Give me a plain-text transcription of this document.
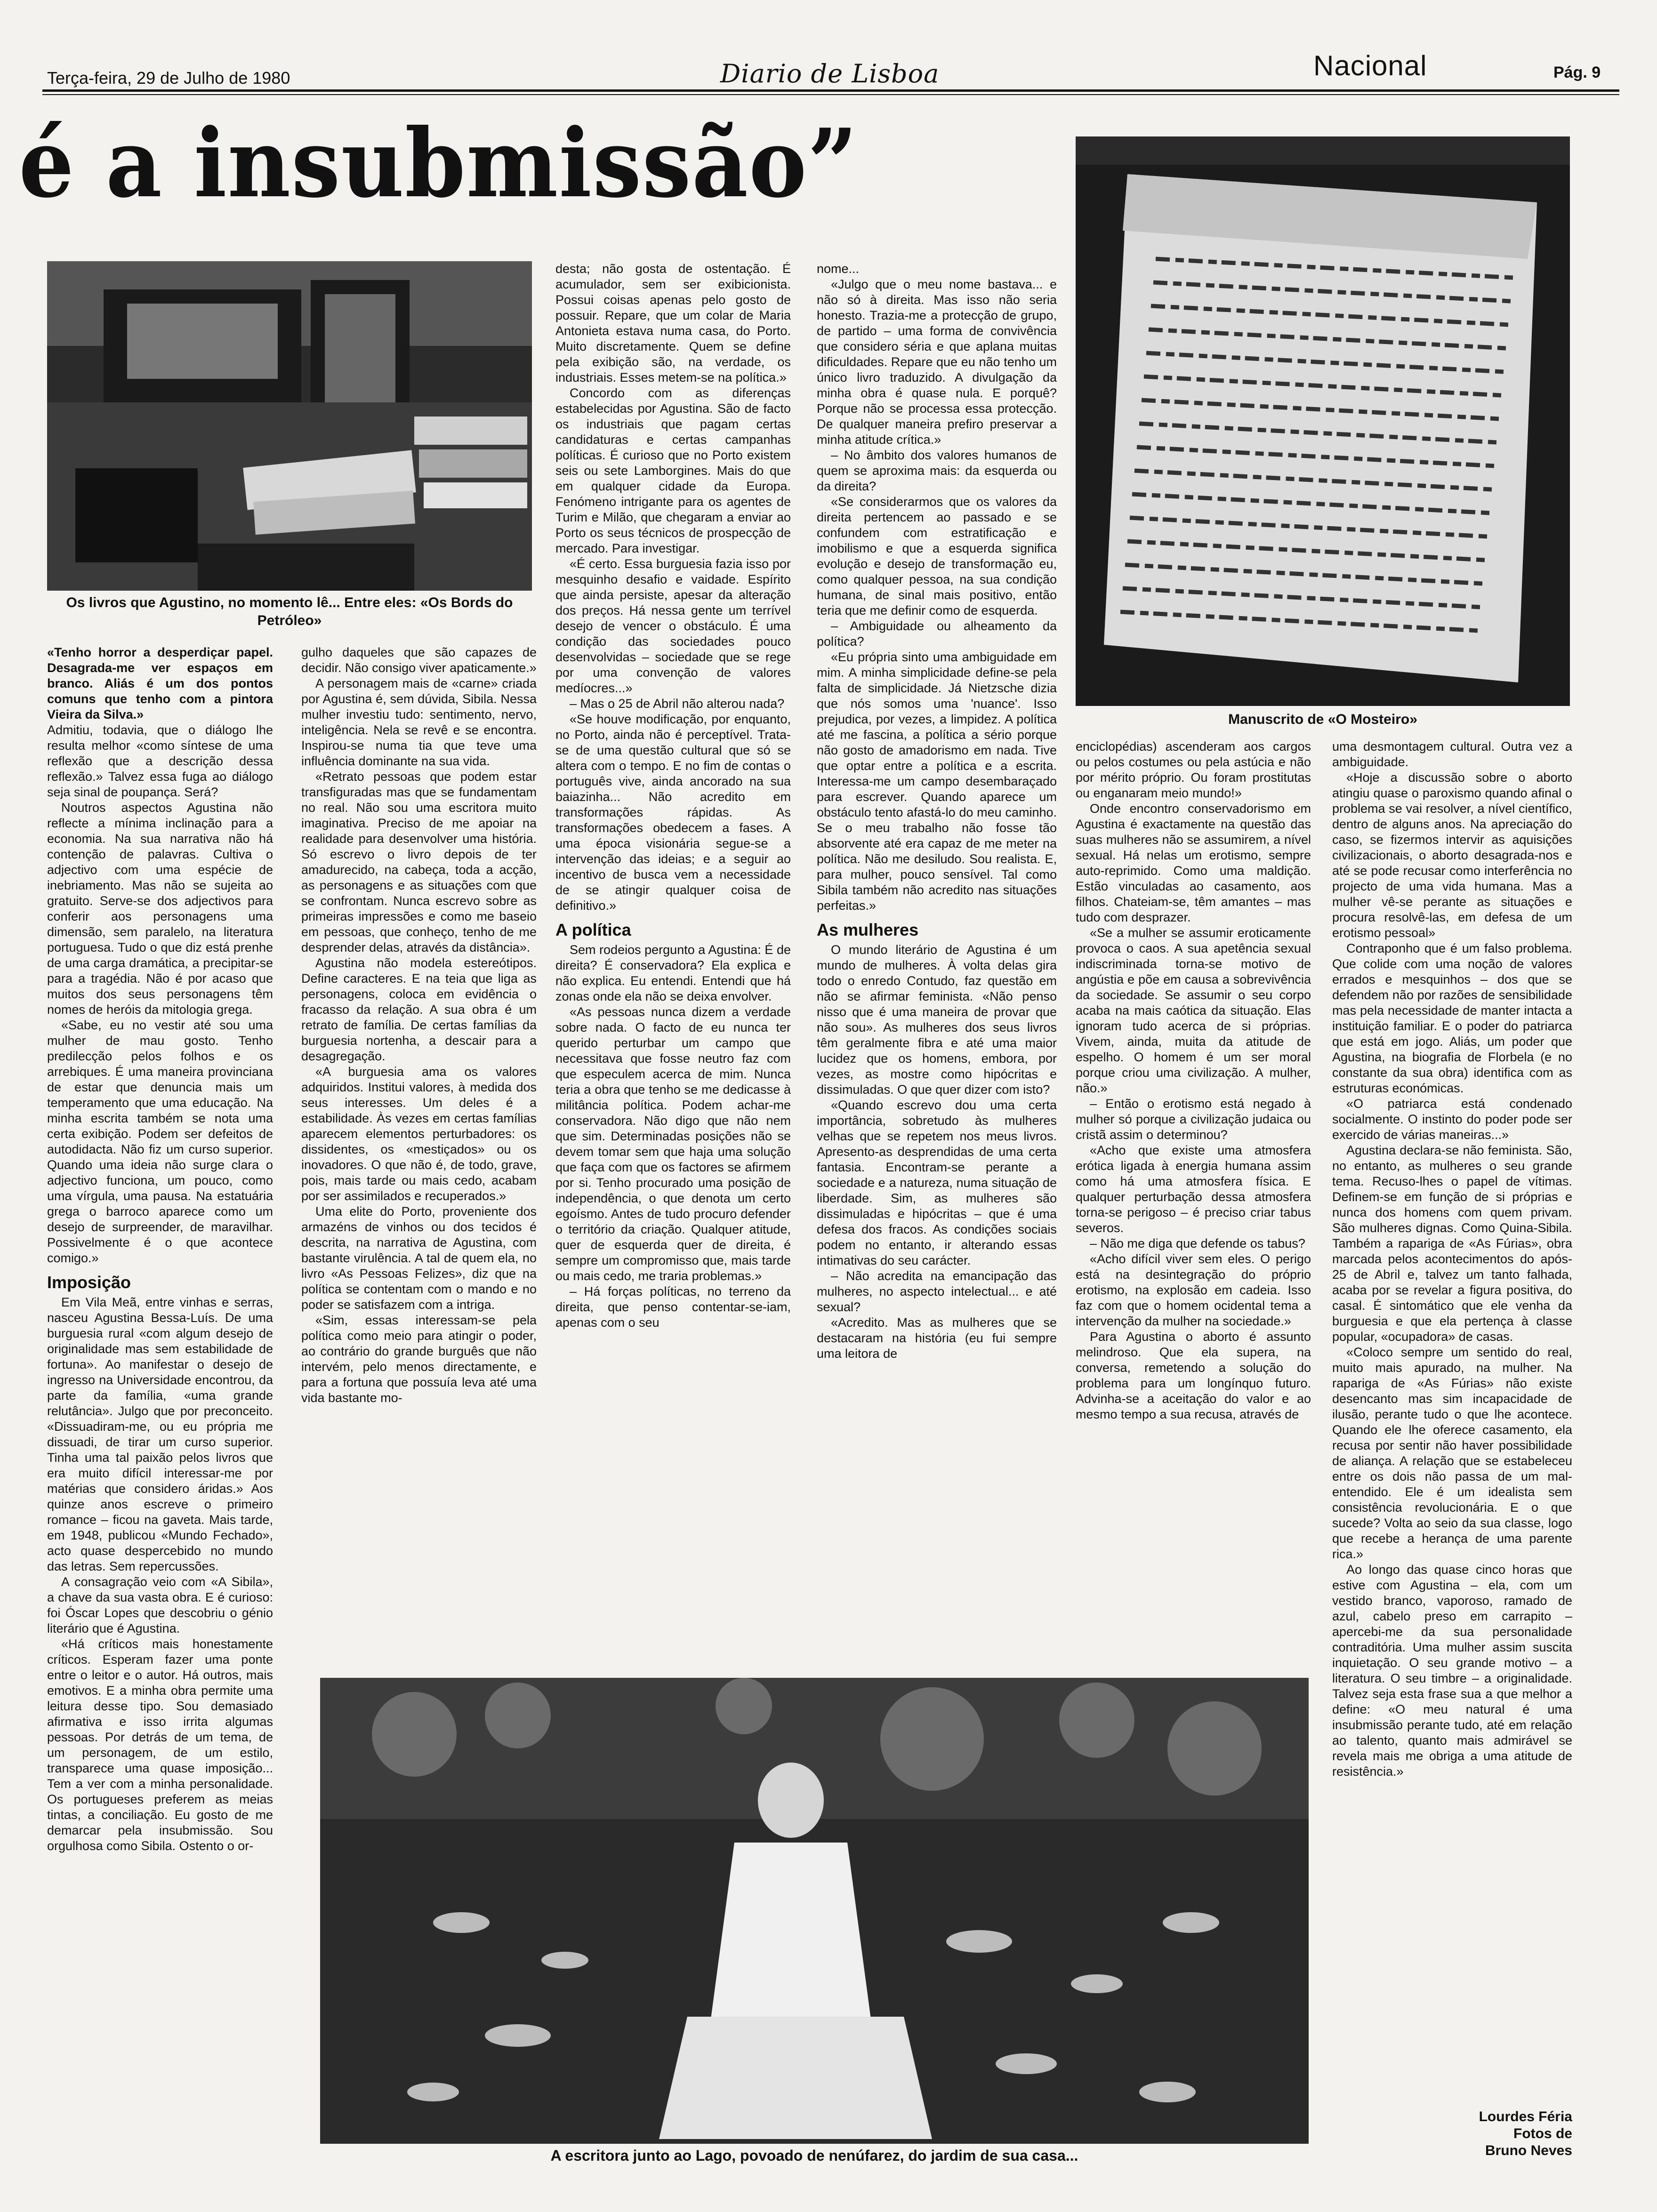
Terça-feira, 29 de Julho de 1980	Diario de Lisboa	Nacional	Pág. 9
é a insubmissão”
Os livros que Agustino, no momento lê... Entre eles: «Os Bords do Petróleo»
Manuscrito de «O Mosteiro»
A escritora junto ao Lago, povoado de nenúfarez, do jardim de sua casa...

«Tenho horror a desperdiçar papel. Desagrada-me ver espaços em branco. Aliás é um dos pontos comuns que tenho com a pintora Vieira da Silva.»

Admitiu, todavia, que o diálogo lhe resulta melhor «como síntese de uma reflexão que a descrição dessa reflexão.» Talvez essa fuga ao diálogo seja sinal de poupança. Será?

Noutros aspectos Agustina não reflecte a mínima inclinação para a economia. Na sua narrativa não há contenção de palavras. Cultiva o adjectivo com uma espécie de inebriamento. Mas não se sujeita ao gratuito. Serve-se dos adjectivos para conferir aos personagens uma dimensão, sem paralelo, na literatura portuguesa. Tudo o que diz está prenhe de uma carga dramática, a precipitar-se para a tragédia. Não é por acaso que muitos dos seus personagens têm nomes de heróis da mitologia grega.

«Sabe, eu no vestir até sou uma mulher de mau gosto. Tenho predilecção pelos folhos e os arrebiques. É uma maneira provinciana de estar que denuncia mais um temperamento que uma educação. Na minha escrita também se nota uma certa exibição. Podem ser defeitos de autodidacta. Não fiz um curso superior. Quando uma ideia não surge clara o adjectivo funciona, um pouco, como uma vírgula, uma pausa. Na estatuária grega o barroco aparece como um desejo de surpreender, de maravilhar. Possivelmente é o que acontece comigo.»

Imposição

Em Vila Meã, entre vinhas e serras, nasceu Agustina Bessa-Luís. De uma burguesia rural «com algum desejo de originalidade mas sem estabilidade de fortuna». Ao manifestar o desejo de ingresso na Universidade encontrou, da parte da família, «uma grande relutância». Julgo que por preconceito. «Dissuadiram-me, ou eu própria me dissuadi, de tirar um curso superior. Tinha uma tal paixão pelos livros que era muito difícil interessar-me por matérias que considero áridas.» Aos quinze anos escreve o primeiro romance – ficou na gaveta. Mais tarde, em 1948, publicou «Mundo Fechado», acto quase despercebido no mundo das letras. Sem repercussões.

A consagração veio com «A Sibila», a chave da sua vasta obra. E é curioso: foi Óscar Lopes que descobriu o génio literário que é Agustina.

«Há críticos mais honestamente críticos. Esperam fazer uma ponte entre o leitor e o autor. Há outros, mais emotivos. E a minha obra permite uma leitura desse tipo. Sou demasiado afirmativa e isso irrita algumas pessoas. Por detrás de um tema, de um personagem, de um estilo, transparece uma quase imposição... Tem a ver com a minha personalidade. Os portugueses preferem as meias tintas, a conciliação. Eu gosto de me demarcar pela insubmissão. Sou orgulhosa como Sibila. Ostento o or-

gulho daqueles que são capazes de decidir. Não consigo viver apaticamente.»

A personagem mais de «carne» criada por Agustina é, sem dúvida, Sibila. Nessa mulher investiu tudo: sentimento, nervo, inteligência. Nela se revê e se encontra. Inspirou-se numa tia que teve uma influência dominante na sua vida.

«Retrato pessoas que podem estar transfiguradas mas que se fundamentam no real. Não sou uma escritora muito imaginativa. Preciso de me apoiar na realidade para desenvolver uma história. Só escrevo o livro depois de ter amadurecido, na cabeça, toda a acção, as personagens e as situações com que se confrontam. Nunca escrevo sobre as primeiras impressões e como me baseio em pessoas, que conheço, tenho de me desprender delas, através da distância».

Agustina não modela estereótipos. Define caracteres. E na teia que liga as personagens, coloca em evidência o fracasso da relação. A sua obra é um retrato de família. De certas famílias da burguesia nortenha, a descair para a desagregação.

«A burguesia ama os valores adquiridos. Institui valores, à medida dos seus interesses. Um deles é a estabilidade. Às vezes em certas famílias aparecem elementos perturbadores: os dissidentes, os «mestiçados» ou os inovadores. O que não é, de todo, grave, pois, mais tarde ou mais cedo, acabam por ser assimilados e recuperados.»

Uma elite do Porto, proveniente dos armazéns de vinhos ou dos tecidos é descrita, na narrativa de Agustina, com bastante virulência. A tal de quem ela, no livro «As Pessoas Felizes», diz que na política se contentam com o mando e no poder se satisfazem com a intriga.

«Sim, essas interessam-se pela política como meio para atingir o poder, ao contrário do grande burguês que não intervém, pelo menos directamente, e para a fortuna que possuía leva até uma vida bastante mo-

desta; não gosta de ostentação. É acumulador, sem ser exibicionista. Possui coisas apenas pelo gosto de possuir. Repare, que um colar de Maria Antonieta estava numa casa, do Porto. Muito discretamente. Quem se define pela exibição são, na verdade, os industriais. Esses metem-se na política.»

Concordo com as diferenças estabelecidas por Agustina. São de facto os industriais que pagam certas candidaturas e certas campanhas políticas. É curioso que no Porto existem seis ou sete Lamborgines. Mais do que em qualquer cidade da Europa. Fenómeno intrigante para os agentes de Turim e Milão, que chegaram a enviar ao Porto os seus técnicos de prospecção de mercado. Para investigar.

«É certo. Essa burguesia fazia isso por mesquinho desafio e vaidade. Espírito que ainda persiste, apesar da alteração dos preços. Há nessa gente um terrível desejo de vencer o obstáculo. É uma condição das sociedades pouco desenvolvidas – sociedade que se rege por uma convenção de valores medíocres...»

– Mas o 25 de Abril não alterou nada?

«Se houve modificação, por enquanto, no Porto, ainda não é perceptível. Trata-se de uma questão cultural que só se altera com o tempo. E no fim de contas o português vive, ainda ancorado na sua baiazinha... Não acredito em transformações rápidas. As transformações obedecem a fases. A uma época visionária segue-se a intervenção das ideias; e a seguir ao incentivo de busca vem a necessidade de se atingir qualquer coisa de definitivo.»

A política

Sem rodeios pergunto a Agustina: É de direita? É conservadora? Ela explica e não explica. Eu entendi. Entendi que há zonas onde ela não se deixa envolver.

«As pessoas nunca dizem a verdade sobre nada. O facto de eu nunca ter querido perturbar um campo que necessitava que fosse neutro faz com que especulem acerca de mim. Nunca teria a obra que tenho se me dedicasse à militância política. Podem achar-me conservadora. Não digo que não nem que sim. Determinadas posições não se devem tomar sem que haja uma solução que faça com que os factores se afirmem por si. Tenho procurado uma posição de independência, o que denota um certo egoísmo. Antes de tudo procuro defender o território da criação. Qualquer atitude, quer de esquerda quer de direita, é sempre um compromisso que, mais tarde ou mais cedo, me traria problemas.»

– Há forças políticas, no terreno da direita, que penso contentar-se-iam, apenas com o seu

nome...

«Julgo que o meu nome bastava... e não só à direita. Mas isso não seria honesto. Trazia-me a protecção de grupo, de partido – uma forma de convivência que considero séria e que aplana muitas dificuldades. Repare que eu não tenho um único livro traduzido. A divulgação da minha obra é quase nula. E porquê? Porque não se processa essa protecção. De qualquer maneira prefiro preservar a minha atitude crítica.»

– No âmbito dos valores humanos de quem se aproxima mais: da esquerda ou da direita?

«Se considerarmos que os valores da direita pertencem ao passado e se confundem com estratificação e imobilismo e que a esquerda significa evolução e desejo de transformação eu, como qualquer pessoa, na sua condição humana, de sinal mais positivo, então teria que me definir como de esquerda.

– Ambiguidade ou alheamento da política?

«Eu própria sinto uma ambiguidade em mim. A minha simplicidade define-se pela falta de simplicidade. Já Nietzsche dizia que nós somos uma 'nuance'. Isso prejudica, por vezes, a limpidez. A política até me fascina, a política a sério porque não gosto de amadorismo em nada. Tive que optar entre a política e a escrita. Interessa-me um campo desembaraçado para escrever. Quando aparece um obstáculo tento afastá-lo do meu caminho. Se o meu trabalho não fosse tão absorvente até era capaz de me meter na política. Não me desiludo. Sou realista. E, para mulher, pouco sensível. Tal como Sibila também não acredito nas situações perfeitas.»

As mulheres

O mundo literário de Agustina é um mundo de mulheres. À volta delas gira todo o enredo Contudo, faz questão em não se afirmar feminista. «Não penso nisso que é uma maneira de provar que não sou». As mulheres dos seus livros têm geralmente fibra e até uma maior lucidez que os homens, embora, por vezes, as mostre como hipócritas e dissimuladas. O que quer dizer com isto?

«Quando escrevo dou uma certa importância, sobretudo às mulheres velhas que se repetem nos meus livros. Apresento-as desprendidas de uma certa fantasia. Encontram-se perante a sociedade e a natureza, numa situação de liberdade. Sim, as mulheres são dissimuladas e hipócritas – que é uma defesa dos fracos. As condições sociais podem no entanto, ir alterando essas intimativas do seu carácter.

– Não acredita na emancipação das mulheres, no aspecto intelectual... e até sexual?

«Acredito. Mas as mulheres que se destacaram na história (eu fui sempre uma leitora de

enciclopédias) ascenderam aos cargos ou pelos costumes ou pela astúcia e não por mérito próprio. Ou foram prostitutas ou enganaram meio mundo!»

Onde encontro conservadorismo em Agustina é exactamente na questão das suas mulheres não se assumirem, a nível sexual. Há nelas um erotismo, sempre auto-reprimido. Como uma maldição. Estão vinculadas ao casamento, aos filhos. Chateiam-se, têm amantes – mas tudo com desprazer.

«Se a mulher se assumir eroticamente provoca o caos. A sua apetência sexual indiscriminada torna-se motivo de angústia e põe em causa a sobrevivência da sociedade. Se assumir o seu corpo acaba na mais caótica da situação. Elas ignoram tudo acerca de si próprias. Vivem, ainda, muita da atitude de espelho. O homem é um ser moral porque criou uma civilização. A mulher, não.»

– Então o erotismo está negado à mulher só porque a civilização judaica ou cristã assim o determinou?

«Acho que existe uma atmosfera erótica ligada à energia humana assim como há uma atmosfera física. E qualquer perturbação dessa atmosfera torna-se perigoso – é preciso criar tabus severos.

– Não me diga que defende os tabus?

«Acho difícil viver sem eles. O perigo está na desintegração do próprio erotismo, na explosão em cadeia. Isso faz com que o homem ocidental tema a intervenção da mulher na sociedade.»

Para Agustina o aborto é assunto melindroso. Que ela supera, na conversa, remetendo a solução do problema para um longínquo futuro. Advinha-se a aceitação do valor e ao mesmo tempo a sua recusa, através de

uma desmontagem cultural. Outra vez a ambiguidade.

«Hoje a discussão sobre o aborto atingiu quase o paroxismo quando afinal o problema se vai resolver, a nível científico, dentro de alguns anos. Na apreciação do caso, se fizermos intervir as aquisições civilizacionais, o aborto desagrada-nos e até se pode recusar como interferência no projecto de uma vida humana. Mas a mulher vê-se perante as situações e procura resolvê-las, em defesa de um erotismo pessoal»

Contraponho que é um falso problema. Que colide com uma noção de valores errados e mesquinhos – dos que se defendem não por razões de sensibilidade mas pela necessidade de manter intacta a instituição familiar. E o poder do patriarca que está em jogo. Aliás, um poder que Agustina, na biografia de Florbela (e no constante da sua obra) identifica com as estruturas económicas.

«O patriarca está condenado socialmente. O instinto do poder pode ser exercido de várias maneiras...»

Agustina declara-se não feminista. São, no entanto, as mulheres o seu grande tema. Recuso-lhes o papel de vítimas. Definem-se em função de si próprias e nunca dos homens com quem privam. São mulheres dignas. Como Quina-Sibila. Também a rapariga de «As Fúrias», obra marcada pelos acontecimentos do após-25 de Abril e, talvez um tanto falhada, acaba por se revelar a figura positiva, do casal. É sintomático que ele venha da burguesia e que ela pertença à classe popular, «ocupadora» de casas.

«Coloco sempre um sentido do real, muito mais apurado, na mulher. Na rapariga de «As Fúrias» não existe desencanto mas sim incapacidade de ilusão, perante tudo o que lhe acontece. Quando ele lhe oferece casamento, ela recusa por sentir não haver possibilidade de aliança. A relação que se estabeleceu entre os dois não passa de um mal-entendido. Ele é um idealista sem consistência revolucionária. E o que sucede? Volta ao seio da sua classe, logo que recebe a herança de uma parente rica.»

Ao longo das quase cinco horas que estive com Agustina – ela, com um vestido branco, vaporoso, ramado de azul, cabelo preso em carrapito – apercebi-me da sua personalidade contraditória. Uma mulher assim suscita inquietação. O seu grande motivo – a literatura. O seu timbre – a originalidade. Talvez seja esta frase sua a que melhor a define: «O meu natural é uma insubmissão perante tudo, até em relação ao talento, quanto mais admirável se revela mais me obriga a uma atitude de resistência.»

Lourdes Féria
Fotos de
Bruno Neves
